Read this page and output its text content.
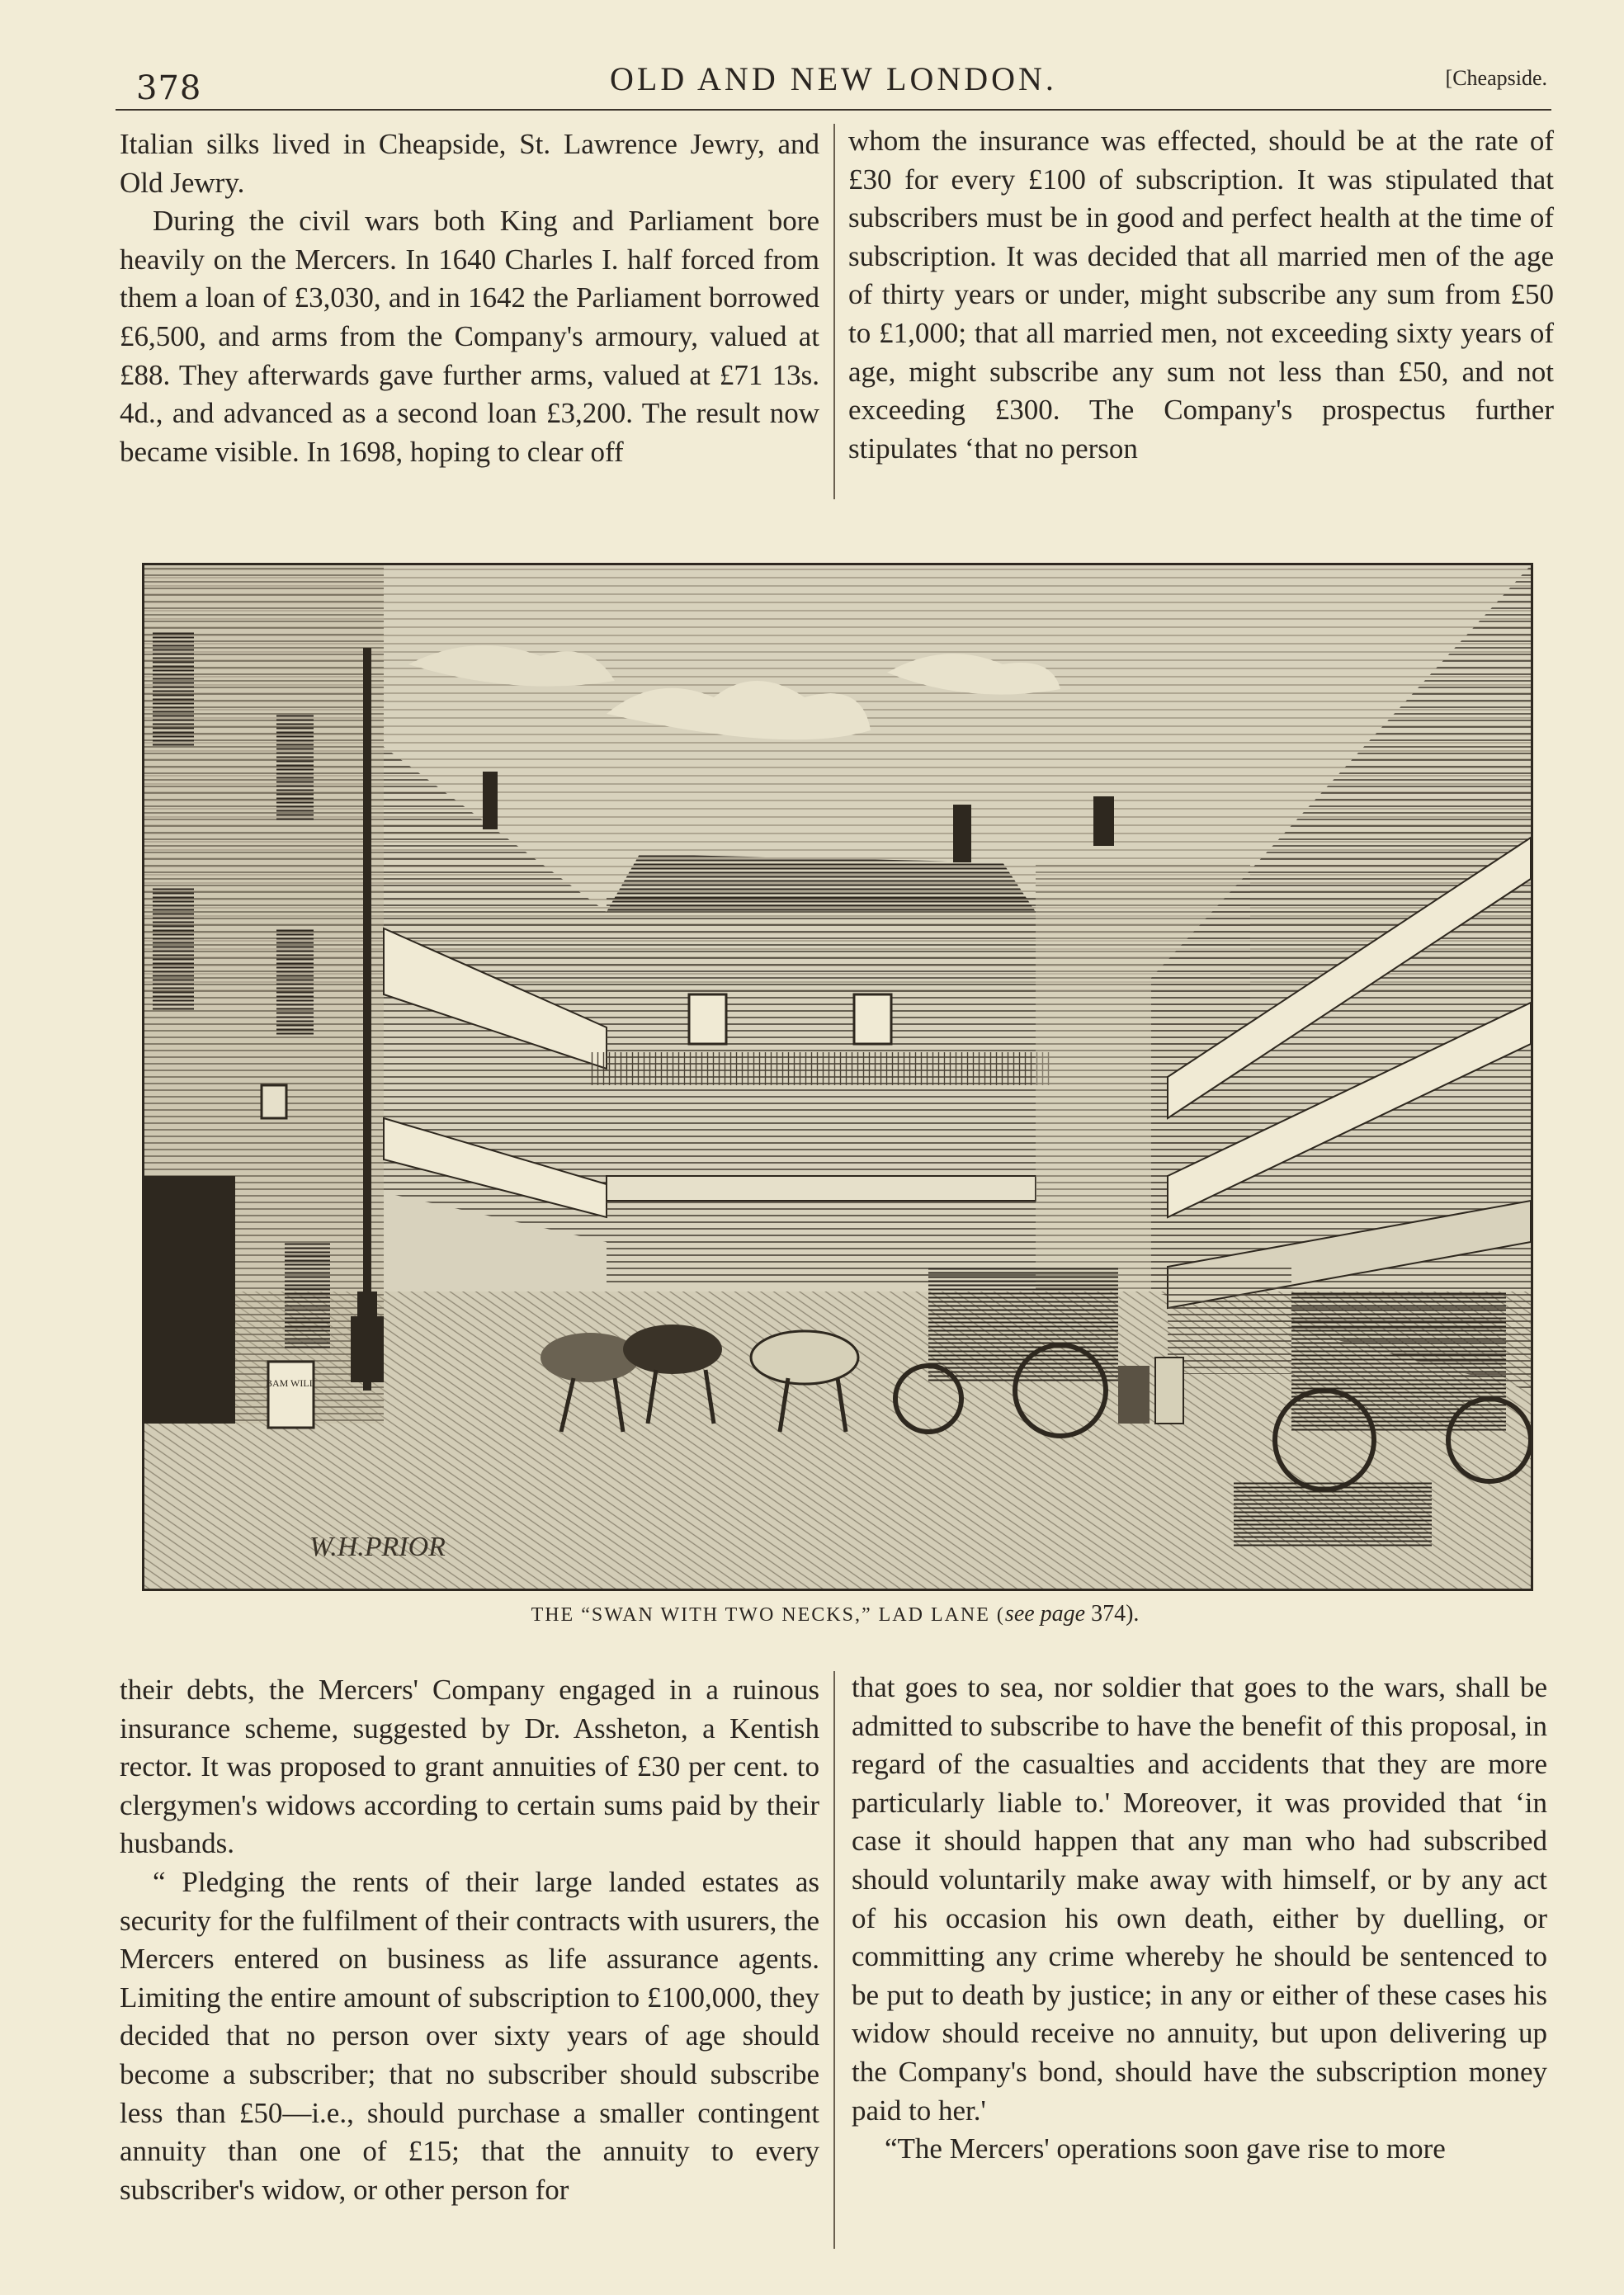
378	OLD AND NEW LONDON.	[Cheapside.

Italian silks lived in Cheapside, St. Lawrence Jewry, and Old Jewry.

During the civil wars both King and Parliament bore heavily on the Mercers. In 1640 Charles I. half forced from them a loan of £3,030, and in 1642 the Parliament borrowed £6,500, and arms from the Company's armoury, valued at £88. They afterwards gave further arms, valued at £71 13s. 4d., and advanced as a second loan £3,200. The result now became visible. In 1698, hoping to clear off

whom the insurance was effected, should be at the rate of £30 for every £100 of subscription. It was stipulated that subscribers must be in good and perfect health at the time of subscription. It was decided that all married men of the age of thirty years or under, might subscribe any sum from £50 to £1,000; that all married men, not exceeding sixty years of age, might subscribe any sum not less than £50, and not exceeding £300. The Company's prospectus further stipulates ‘that no person

BAM WILL
W.H.PRIOR
THE “SWAN WITH TWO NECKS,” LAD LANE (see page 374).

their debts, the Mercers' Company engaged in a ruinous insurance scheme, suggested by Dr. Assheton, a Kentish rector. It was proposed to grant annuities of £30 per cent. to clergymen's widows according to certain sums paid by their husbands.

“ Pledging the rents of their large landed estates as security for the fulfilment of their contracts with usurers, the Mercers entered on business as life assurance agents. Limiting the entire amount of subscription to £100,000, they decided that no person over sixty years of age should become a subscriber; that no subscriber should subscribe less than £50—i.e., should purchase a smaller contingent annuity than one of £15; that the annuity to every subscriber's widow, or other person for

that goes to sea, nor soldier that goes to the wars, shall be admitted to subscribe to have the benefit of this proposal, in regard of the casualties and accidents that they are more particularly liable to.' Moreover, it was provided that ‘in case it should happen that any man who had subscribed should voluntarily make away with himself, or by any act of his occasion his own death, either by duelling, or committing any crime whereby he should be sentenced to be put to death by justice; in any or either of these cases his widow should receive no annuity, but upon delivering up the Company's bond, should have the subscription money paid to her.'

“The Mercers' operations soon gave rise to more
